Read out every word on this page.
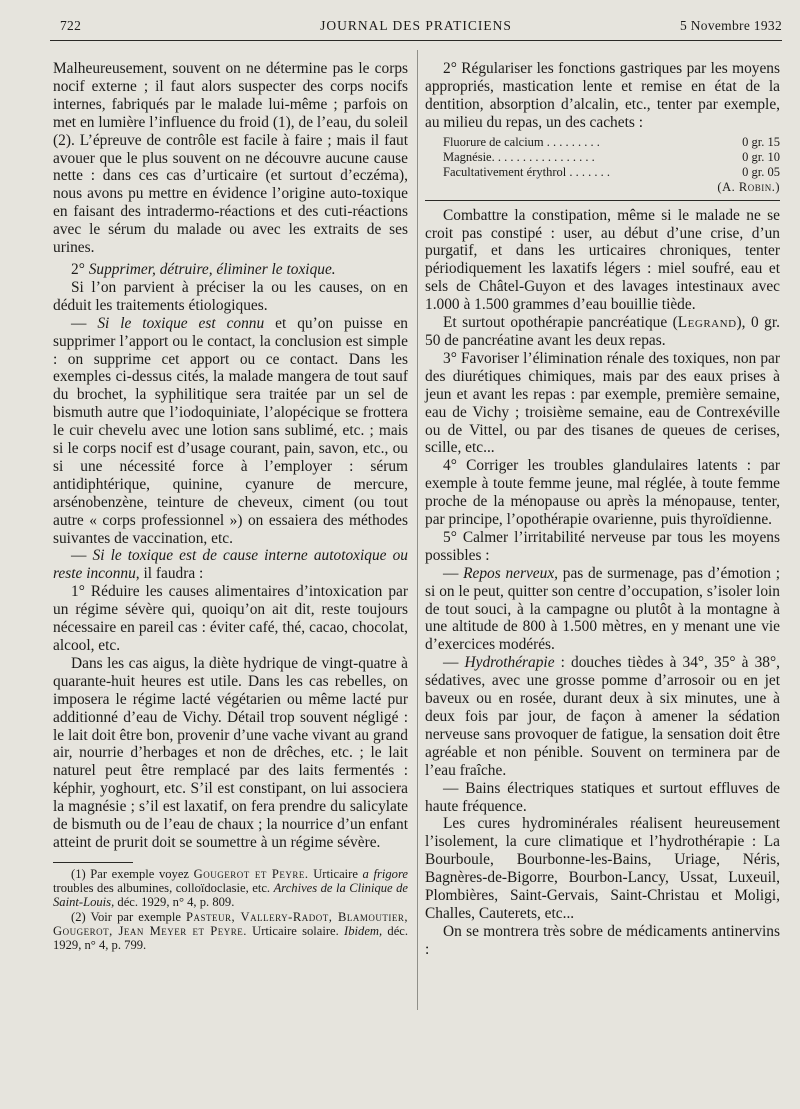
722	JOURNAL DES PRATICIENS	5 Novembre 1932

Malheureusement, souvent on ne détermine pas le corps nocif externe ; il faut alors suspecter des corps nocifs internes, fabriqués par le malade lui-même ; parfois on met en lumière l’influence du froid (1), de l’eau, du soleil (2). L’épreuve de contrôle est facile à faire ; mais il faut avouer que le plus souvent on ne découvre aucune cause nette : dans ces cas d’urticaire (et surtout d’eczéma), nous avons pu mettre en évidence l’origine auto-toxique en faisant des intradermo-réactions et des cuti-réactions avec le sérum du malade ou avec les extraits de ses urines.

2° Supprimer, détruire, éliminer le toxique.

Si l’on parvient à préciser la ou les causes, on en déduit les traitements étiologiques.

— Si le toxique est connu et qu’on puisse en supprimer l’apport ou le contact, la conclusion est simple : on supprime cet apport ou ce contact. Dans les exemples ci-dessus cités, la malade mangera de tout sauf du brochet, la syphilitique sera traitée par un sel de bismuth autre que l’iodoquiniate, l’alopécique se frottera le cuir chevelu avec une lotion sans sublimé, etc. ; mais si le corps nocif est d’usage courant, pain, savon, etc., ou si une nécessité force à l’employer : sérum antidiphtérique, quinine, cyanure de mercure, arsénobenzène, teinture de cheveux, ciment (ou tout autre « corps professionnel ») on essaiera des méthodes suivantes de vaccination, etc.

— Si le toxique est de cause interne autotoxique ou reste inconnu, il faudra :

1° Réduire les causes alimentaires d’intoxication par un régime sévère qui, quoiqu’on ait dit, reste toujours nécessaire en pareil cas : éviter café, thé, cacao, chocolat, alcool, etc.

Dans les cas aigus, la diète hydrique de vingt-quatre à quarante-huit heures est utile. Dans les cas rebelles, on imposera le régime lacté végétarien ou même lacté pur additionné d’eau de Vichy. Détail trop souvent négligé : le lait doit être bon, provenir d’une vache vivant au grand air, nourrie d’herbages et non de drêches, etc. ; le lait naturel peut être remplacé par des laits fermentés : képhir, yoghourt, etc. S’il est constipant, on lui associera la magnésie ; s’il est laxatif, on fera prendre du salicylate de bismuth ou de l’eau de chaux ; la nourrice d’un enfant atteint de prurit doit se soumettre à un régime sévère.

(1) Par exemple voyez Gougerot et Peyre. Urticaire a frigore troubles des albumines, colloïdoclasie, etc. Archives de la Clinique de Saint-Louis, déc. 1929, n° 4, p. 809.

(2) Voir par exemple Pasteur, Vallery-Radot, Blamoutier, Gougerot, Jean Meyer et Peyre. Urticaire solaire. Ibidem, déc. 1929, n° 4, p. 799.

2° Régulariser les fonctions gastriques par les moyens appropriés, mastication lente et remise en état de la dentition, absorption d’alcalin, etc., tenter par exemple, au milieu du repas, un des cachets :

Fluorure de calcium . . . . . . . . .	0 gr. 15
Magnésie. . . . . . . . . . . . . . . . .	0 gr. 10
Facultativement érythrol . . . . . . .	0 gr. 05
(A. Robin.)

Combattre la constipation, même si le malade ne se croit pas constipé : user, au début d’une crise, d’un purgatif, et dans les urticaires chroniques, tenter périodiquement les laxatifs légers : miel soufré, eau et sels de Châtel-Guyon et des lavages intestinaux avec 1.000 à 1.500 grammes d’eau bouillie tiède.

Et surtout opothérapie pancréatique (Legrand), 0 gr. 50 de pancréatine avant les deux repas.

3° Favoriser l’élimination rénale des toxiques, non par des diurétiques chimiques, mais par des eaux prises à jeun et avant les repas : par exemple, première semaine, eau de Vichy ; troisième semaine, eau de Contrexéville ou de Vittel, ou par des tisanes de queues de cerises, scille, etc...

4° Corriger les troubles glandulaires latents : par exemple à toute femme jeune, mal réglée, à toute femme proche de la ménopause ou après la ménopause, tenter, par principe, l’opothérapie ovarienne, puis thyroïdienne.

5° Calmer l’irritabilité nerveuse par tous les moyens possibles :

— Repos nerveux, pas de surmenage, pas d’émotion ; si on le peut, quitter son centre d’occupation, s’isoler loin de tout souci, à la campagne ou plutôt à la montagne à une altitude de 800 à 1.500 mètres, en y menant une vie d’exercices modérés.

— Hydrothérapie : douches tièdes à 34°, 35° à 38°, sédatives, avec une grosse pomme d’arrosoir ou en jet baveux ou en rosée, durant deux à six minutes, une à deux fois par jour, de façon à amener la sédation nerveuse sans provoquer de fatigue, la sensation doit être agréable et non pénible. Souvent on terminera par de l’eau fraîche.

— Bains électriques statiques et surtout effluves de haute fréquence.

Les cures hydrominérales réalisent heureusement l’isolement, la cure climatique et l’hydrothérapie : La Bourboule, Bourbonne-les-Bains, Uriage, Néris, Bagnères-de-Bigorre, Bourbon-Lancy, Ussat, Luxeuil, Plombières, Saint-Gervais, Saint-Christau et Moligi, Challes, Cauterets, etc...

On se montrera très sobre de médicaments antinervins :
